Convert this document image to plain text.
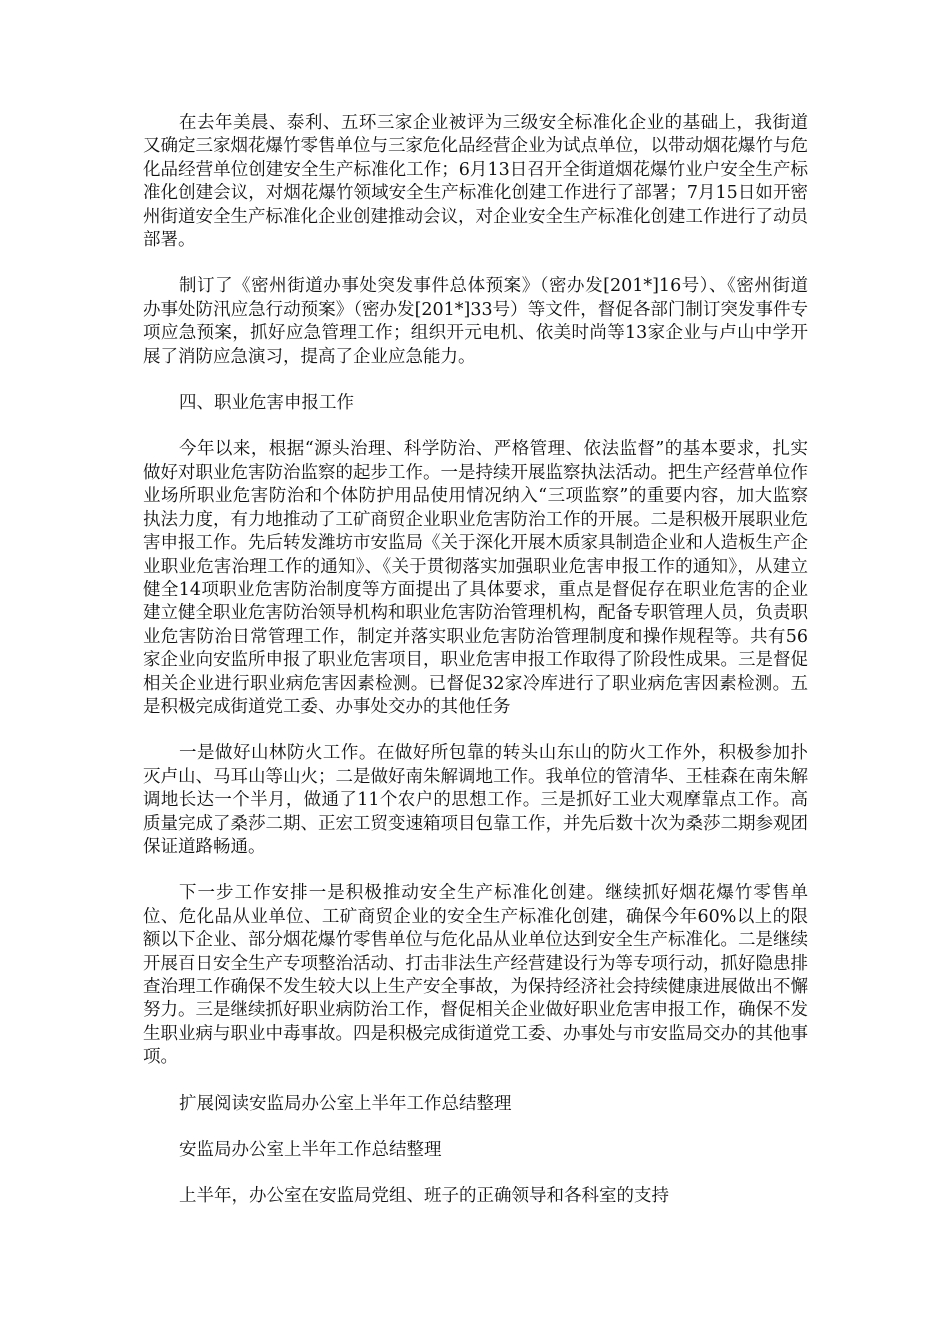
在去年美晨、泰利、五环三家企业被评为三级安全标准化企业的基础上，我街道又确定三家烟花爆竹零售单位与三家危化品经营企业为试点单位，以带动烟花爆竹与危化品经营单位创建安全生产标准化工作；6月13日召开全街道烟花爆竹业户安全生产标准化创建会议，对烟花爆竹领域安全生产标准化创建工作进行了部署；7月15日如开密州街道安全生产标准化企业创建推动会议，对企业安全生产标准化创建工作进行了动员部署。

制订了《密州街道办事处突发事件总体预案》（密办发[201*]16号）、《密州街道办事处防汛应急行动预案》（密办发[201*]33号）等文件，督促各部门制订突发事件专项应急预案，抓好应急管理工作；组织开元电机、依美时尚等13家企业与卢山中学开展了消防应急演习，提高了企业应急能力。

四、职业危害申报工作

今年以来，根据“源头治理、科学防治、严格管理、依法监督”的基本要求，扎实做好对职业危害防治监察的起步工作。一是持续开展监察执法活动。把生产经营单位作业场所职业危害防治和个体防护用品使用情况纳入“三项监察”的重要内容，加大监察执法力度，有力地推动了工矿商贸企业职业危害防治工作的开展。二是积极开展职业危害申报工作。先后转发潍坊市安监局《关于深化开展木质家具制造企业和人造板生产企业职业危害治理工作的通知》、《关于贯彻落实加强职业危害申报工作的通知》，从建立健全14项职业危害防治制度等方面提出了具体要求，重点是督促存在职业危害的企业建立健全职业危害防治领导机构和职业危害防治管理机构，配备专职管理人员，负责职业危害防治日常管理工作，制定并落实职业危害防治管理制度和操作规程等。共有56家企业向安监所申报了职业危害项目，职业危害申报工作取得了阶段性成果。三是督促相关企业进行职业病危害因素检测。已督促32家冷库进行了职业病危害因素检测。五是积极完成街道党工委、办事处交办的其他任务

一是做好山林防火工作。在做好所包靠的转头山东山的防火工作外，积极参加扑灭卢山、马耳山等山火；二是做好南朱解调地工作。我单位的管清华、王桂森在南朱解调地长达一个半月，做通了11个农户的思想工作。三是抓好工业大观摩靠点工作。高质量完成了桑莎二期、正宏工贸变速箱项目包靠工作，并先后数十次为桑莎二期参观团保证道路畅通。

下一步工作安排一是积极推动安全生产标准化创建。继续抓好烟花爆竹零售单位、危化品从业单位、工矿商贸企业的安全生产标准化创建，确保今年60%以上的限额以下企业、部分烟花爆竹零售单位与危化品从业单位达到安全生产标准化。二是继续开展百日安全生产专项整治活动、打击非法生产经营建设行为等专项行动，抓好隐患排查治理工作确保不发生较大以上生产安全事故，为保持经济社会持续健康进展做出不懈努力。三是继续抓好职业病防治工作，督促相关企业做好职业危害申报工作，确保不发生职业病与职业中毒事故。四是积极完成街道党工委、办事处与市安监局交办的其他事项。

扩展阅读安监局办公室上半年工作总结整理

安监局办公室上半年工作总结整理

上半年，办公室在安监局党组、班子的正确领导和各科室的支持
